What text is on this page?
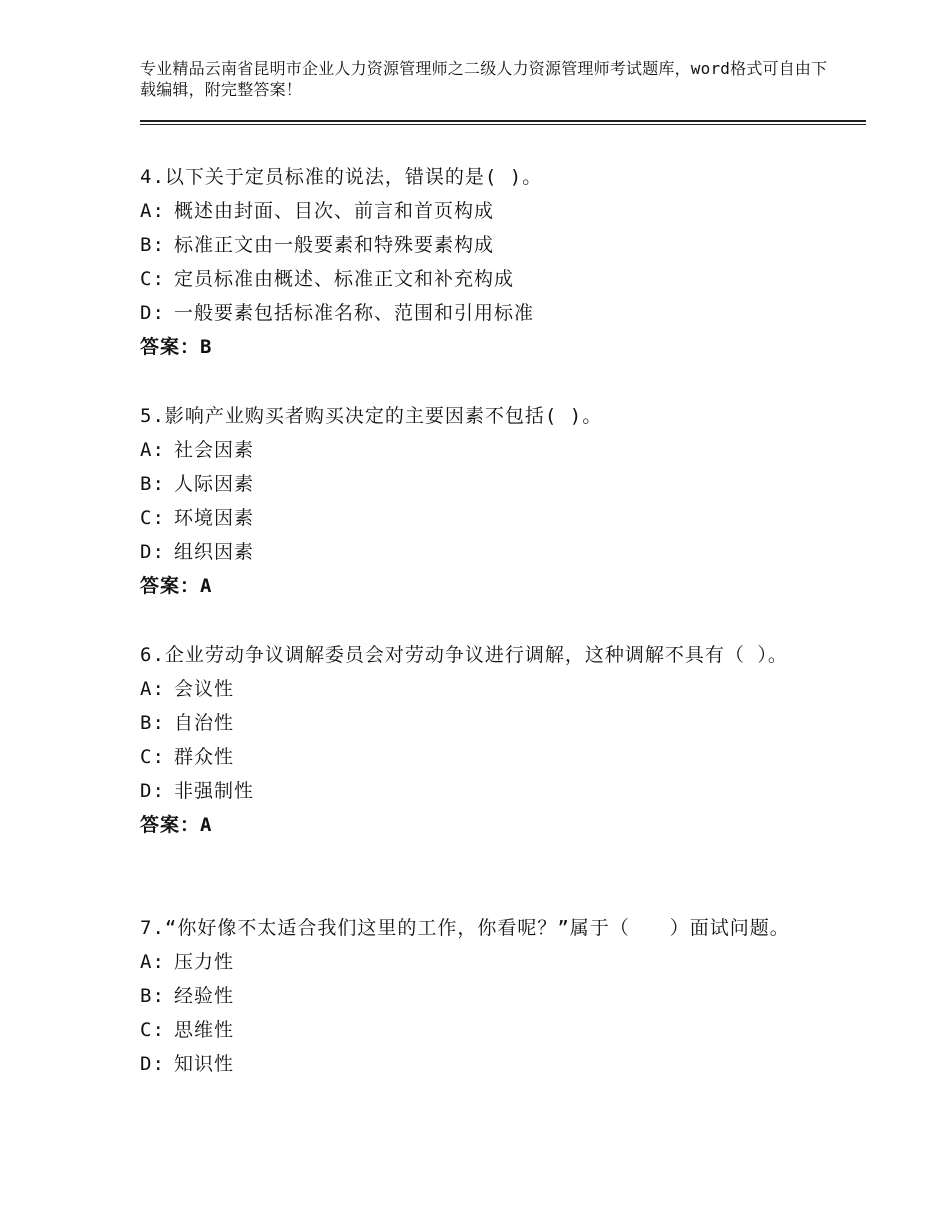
专业精品云南省昆明市企业人力资源管理师之二级人力资源管理师考试题库，word格式可自由下载编辑，附完整答案！

4.以下关于定员标准的说法，错误的是( )。

A: 概述由封面、目次、前言和首页构成
B: 标准正文由一般要素和特殊要素构成
C: 定员标准由概述、标准正文和补充构成
D: 一般要素包括标准名称、范围和引用标准
答案：B

5.影响产业购买者购买决定的主要因素不包括( )。

A: 社会因素
B: 人际因素
C: 环境因素
D: 组织因素
答案：A

6.企业劳动争议调解委员会对劳动争议进行调解，这种调解不具有（ ）。

A: 会议性
B: 自治性
C: 群众性
D: 非强制性
答案：A

7.“你好像不太适合我们这里的工作，你看呢？”属于（　　）面试问题。

A: 压力性
B: 经验性
C: 思维性
D: 知识性
